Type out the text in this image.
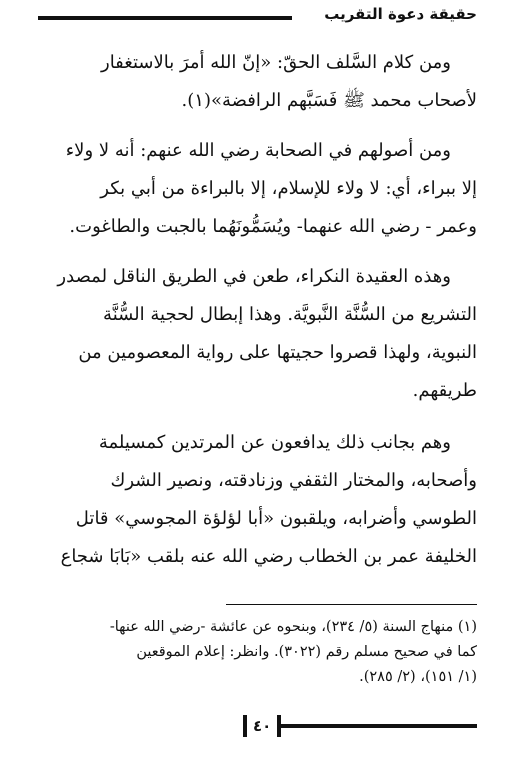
حقيقة دعوة التقريب

ومن كلام السَّلف الحقّ: «إنّ الله أمرَ بالاستغفار
لأصحاب محمد ﷺ فَسَبَّهم الرافضة»(١).

ومن أصولهم في الصحابة رضي الله عنهم: أنه لا ولاء
إلا ببراء، أي: لا ولاء للإسلام، إلا بالبراءة من أبي بكر
وعمر - رضي الله عنهما- ويُسَمُّونَهُما بالجبت والطاغوت.

وهذه العقيدة النكراء، طعن في الطريق الناقل لمصدر
التشريع من السُّنَّة النَّبويَّة. وهذا إبطال لحجية السُّنَّة
النبوية، ولهذا قصروا حجيتها على رواية المعصومين من
طريقهم.

وهم بجانب ذلك يدافعون عن المرتدين كمسيلمة
وأصحابه، والمختار الثقفي وزنادقته، ونصير الشرك
الطوسي وأضرابه، ويلقبون «أبا لؤلؤة المجوسي» قاتل
الخليفة عمر بن الخطاب رضي الله عنه بلقب «بَابَا شجاع

(١) منهاج السنة (٥/ ٢٣٤)، وبنحوه عن عائشة -رضي الله عنها-
كما في صحيح مسلم رقم (٣٠٢٢). وانظر: إعلام الموقعين
(١/ ١٥١)، (٢/ ٢٨٥).
٤٠
